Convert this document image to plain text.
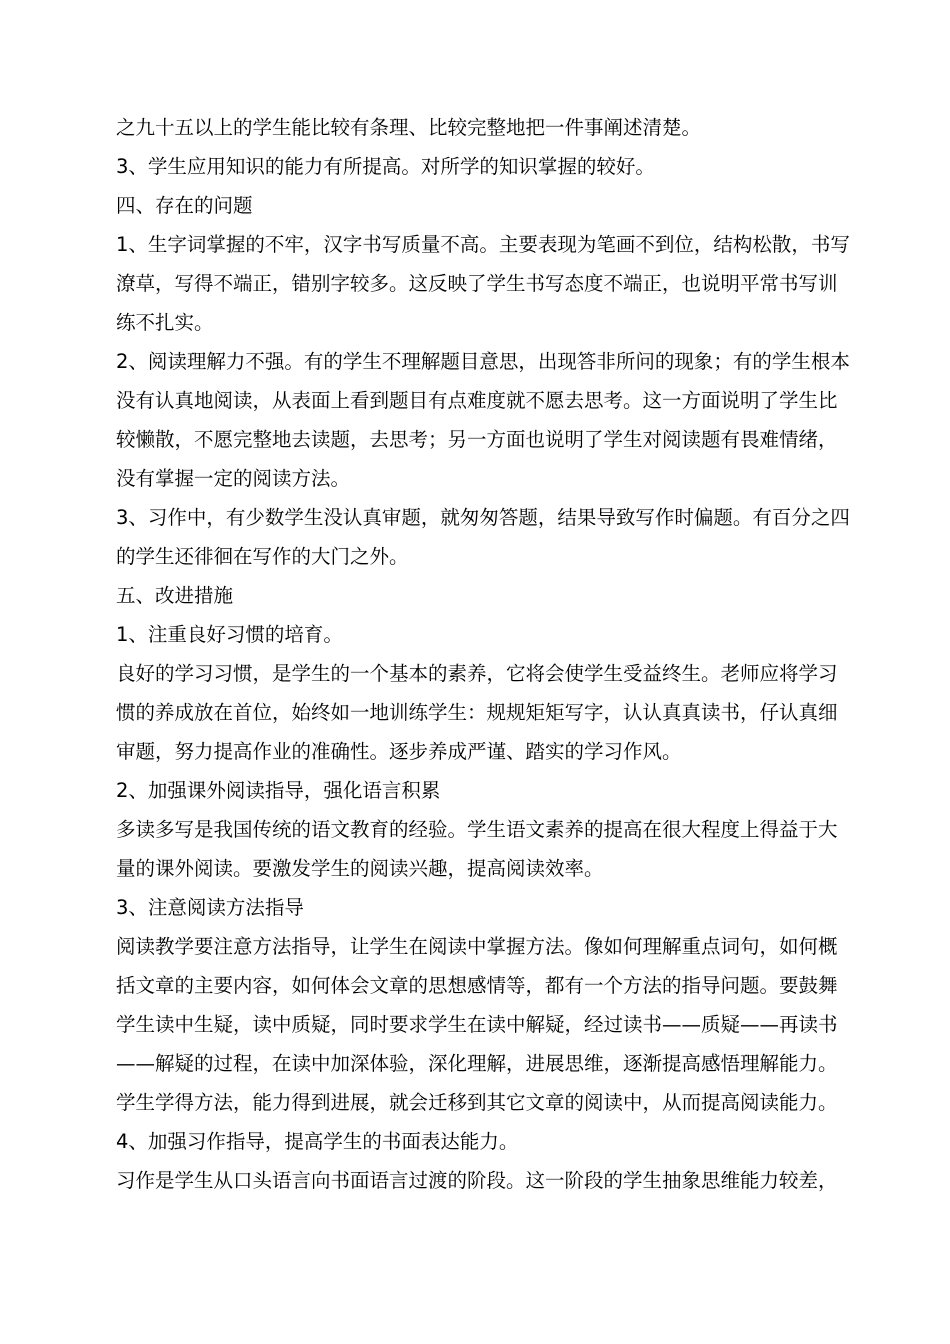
之九十五以上的学生能比较有条理、比较完整地把一件事阐述清楚。

3、学生应用知识的能力有所提高。对所学的知识掌握的较好。

四、存在的问题

1、生字词掌握的不牢，汉字书写质量不高。主要表现为笔画不到位，结构松散，书写

潦草，写得不端正，错别字较多。这反映了学生书写态度不端正，也说明平常书写训

练不扎实。

2、阅读理解力不强。有的学生不理解题目意思，出现答非所问的现象；有的学生根本

没有认真地阅读，从表面上看到题目有点难度就不愿去思考。这一方面说明了学生比

较懒散，不愿完整地去读题，去思考；另一方面也说明了学生对阅读题有畏难情绪，

没有掌握一定的阅读方法。

3、习作中，有少数学生没认真审题，就匆匆答题，结果导致写作时偏题。有百分之四

的学生还徘徊在写作的大门之外。

五、改进措施

1、注重良好习惯的培育。

良好的学习习惯，是学生的一个基本的素养，它将会使学生受益终生。老师应将学习

惯的养成放在首位，始终如一地训练学生：规规矩矩写字，认认真真读书，仔认真细

审题，努力提高作业的准确性。逐步养成严谨、踏实的学习作风。

2、加强课外阅读指导，强化语言积累

多读多写是我国传统的语文教育的经验。学生语文素养的提高在很大程度上得益于大

量的课外阅读。要激发学生的阅读兴趣，提高阅读效率。

3、注意阅读方法指导

阅读教学要注意方法指导，让学生在阅读中掌握方法。像如何理解重点词句，如何概

括文章的主要内容，如何体会文章的思想感情等，都有一个方法的指导问题。要鼓舞

学生读中生疑，读中质疑，同时要求学生在读中解疑，经过读书——质疑——再读书

——解疑的过程，在读中加深体验，深化理解，进展思维，逐渐提高感悟理解能力。

学生学得方法，能力得到进展，就会迁移到其它文章的阅读中，从而提高阅读能力。

4、加强习作指导，提高学生的书面表达能力。

习作是学生从口头语言向书面语言过渡的阶段。这一阶段的学生抽象思维能力较差，
